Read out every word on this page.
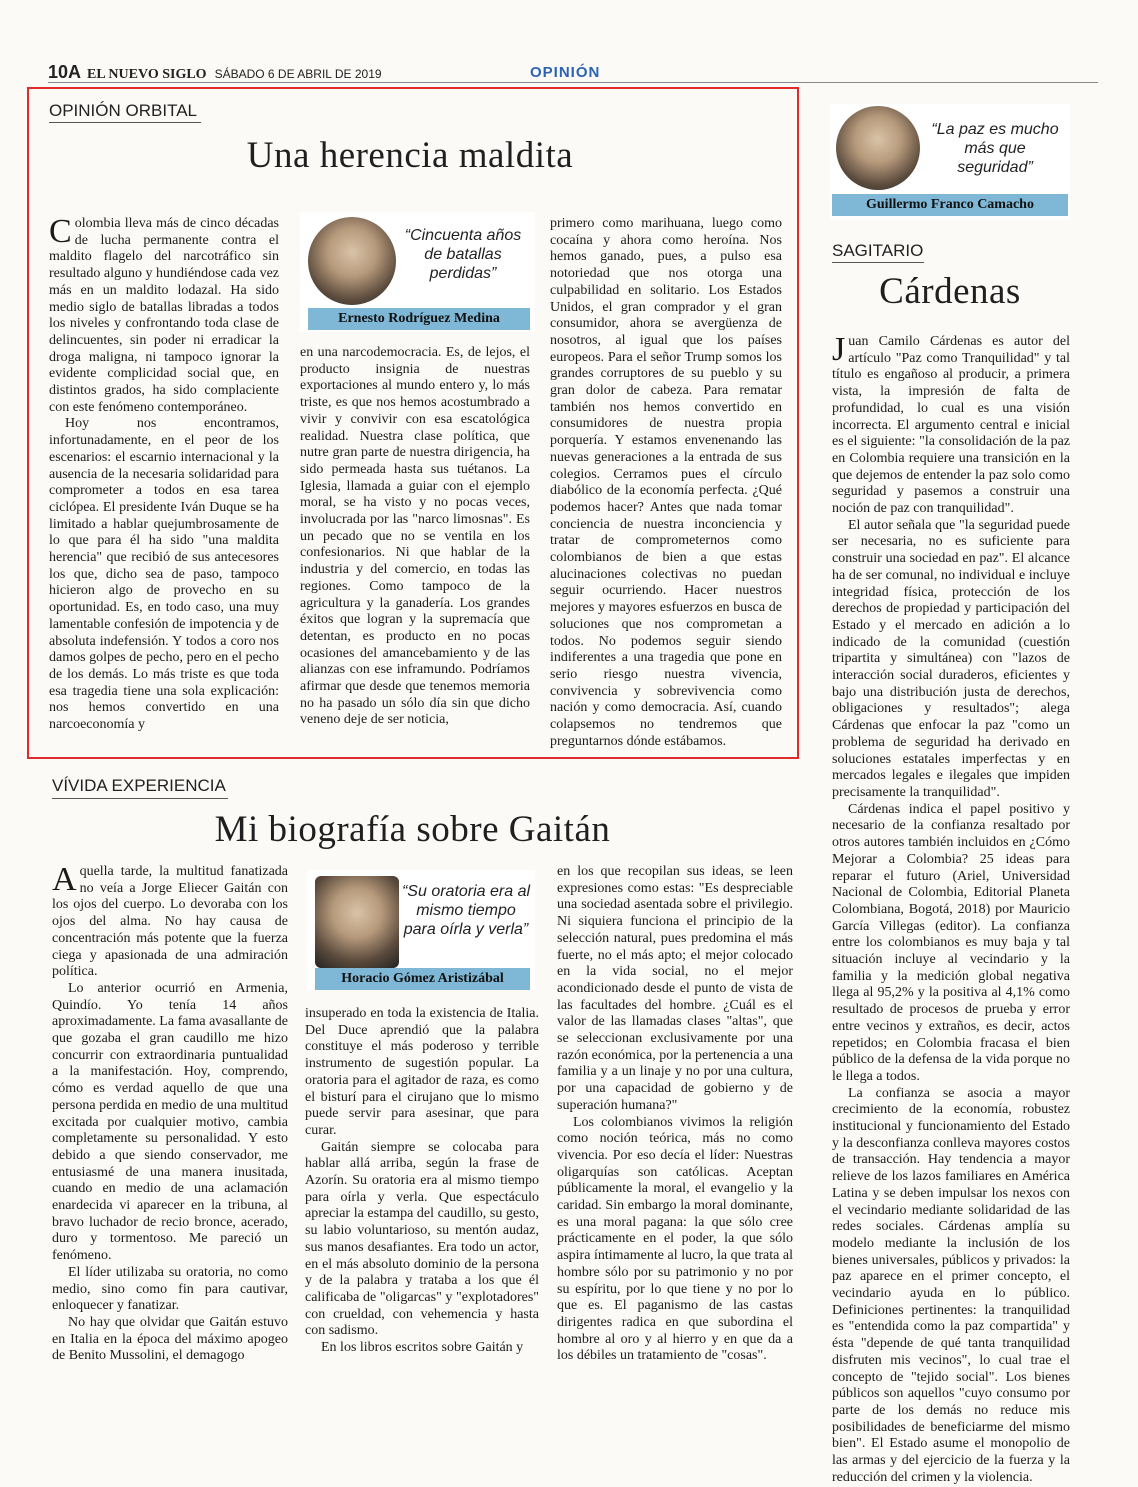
10A EL NUEVO SIGLO SÁBADO 6 DE ABRIL DE 2019	OPINIÓN
OPINIÓN ORBITAL
Una herencia maldita

Colombia lleva más de cinco décadas de lucha permanente contra el maldito flagelo del narcotráfico sin resultado alguno y hundiéndose cada vez más en un maldito lodazal. Ha sido medio siglo de batallas libradas a todos los niveles y confrontando toda clase de delincuentes, sin poder ni erradicar la droga maligna, ni tampoco ignorar la evidente complicidad social que, en distintos grados, ha sido complaciente con este fenómeno contemporáneo.

Hoy nos encontramos, infortunadamente, en el peor de los escenarios: el escarnio internacional y la ausencia de la necesaria solidaridad para comprometer a todos en esa tarea ciclópea. El presidente Iván Duque se ha limitado a hablar quejumbrosamente de lo que para él ha sido "una maldita herencia" que recibió de sus antecesores los que, dicho sea de paso, tampoco hicieron algo de provecho en su oportunidad. Es, en todo caso, una muy lamentable confesión de impotencia y de absoluta indefensión. Y todos a coro nos damos golpes de pecho, pero en el pecho de los demás. Lo más triste es que toda esa tragedia tiene una sola explicación: nos hemos convertido en una narcoeconomía y

“Cincuenta años de batallas perdidas”
Ernesto Rodríguez Medina

en una narcodemocracia. Es, de lejos, el producto insignia de nuestras exportaciones al mundo entero y, lo más triste, es que nos hemos acostumbrado a vivir y convivir con esa escatológica realidad. Nuestra clase política, que nutre gran parte de nuestra dirigencia, ha sido permeada hasta sus tuétanos. La Iglesia, llamada a guiar con el ejemplo moral, se ha visto y no pocas veces, involucrada por las "narco limosnas". Es un pecado que no se ventila en los confesionarios. Ni que hablar de la industria y del comercio, en todas las regiones. Como tampoco de la agricultura y la ganadería. Los grandes éxitos que logran y la supremacía que detentan, es producto en no pocas ocasiones del amancebamiento y de las alianzas con ese inframundo. Podríamos afirmar que desde que tenemos memoria no ha pasado un sólo día sin que dicho veneno deje de ser noticia,

primero como marihuana, luego como cocaína y ahora como heroína. Nos hemos ganado, pues, a pulso esa notoriedad que nos otorga una culpabilidad en solitario. Los Estados Unidos, el gran comprador y el gran consumidor, ahora se avergüenza de nosotros, al igual que los países europeos. Para el señor Trump somos los grandes corruptores de su pueblo y su gran dolor de cabeza. Para rematar también nos hemos convertido en consumidores de nuestra propia porquería. Y estamos envenenando las nuevas generaciones a la entrada de sus colegios. Cerramos pues el círculo diabólico de la economía perfecta. ¿Qué podemos hacer? Antes que nada tomar conciencia de nuestra inconciencia y tratar de comprometernos como colombianos de bien a que estas alucinaciones colectivas no puedan seguir ocurriendo. Hacer nuestros mejores y mayores esfuerzos en busca de soluciones que nos comprometan a todos. No podemos seguir siendo indiferentes a una tragedia que pone en serio riesgo nuestra vivencia, convivencia y sobrevivencia como nación y como democracia. Así, cuando colapsemos no tendremos que preguntarnos dónde estábamos.

VÍVIDA EXPERIENCIA
Mi biografía sobre Gaitán

Aquella tarde, la multitud fanatizada no veía a Jorge Eliecer Gaitán con los ojos del cuerpo. Lo devoraba con los ojos del alma. No hay causa de concentración más potente que la fuerza ciega y apasionada de una admiración política.

Lo anterior ocurrió en Armenia, Quindío. Yo tenía 14 años aproximadamente. La fama avasallante de que gozaba el gran caudillo me hizo concurrir con extraordinaria puntualidad a la manifestación. Hoy, comprendo, cómo es verdad aquello de que una persona perdida en medio de una multitud excitada por cualquier motivo, cambia completamente su personalidad. Y esto debido a que siendo conservador, me entusiasmé de una manera inusitada, cuando en medio de una aclamación enardecida vi aparecer en la tribuna, al bravo luchador de recio bronce, acerado, duro y tormentoso. Me pareció un fenómeno.

El líder utilizaba su oratoria, no como medio, sino como fin para cautivar, enloquecer y fanatizar.

No hay que olvidar que Gaitán estuvo en Italia en la época del máximo apogeo de Benito Mussolini, el demagogo

“Su oratoria era al mismo tiempo para oírla y verla”
Horacio Gómez Aristizábal

insuperado en toda la existencia de Italia. Del Duce aprendió que la palabra constituye el más poderoso y terrible instrumento de sugestión popular. La oratoria para el agitador de raza, es como el bisturí para el cirujano que lo mismo puede servir para asesinar, que para curar.

Gaitán siempre se colocaba para hablar allá arriba, según la frase de Azorín. Su oratoria era al mismo tiempo para oírla y verla. Que espectáculo apreciar la estampa del caudillo, su gesto, su labio voluntarioso, su mentón audaz, sus manos desafiantes. Era todo un actor, en el más absoluto dominio de la persona y de la palabra y trataba a los que él calificaba de "oligarcas" y "explotadores" con crueldad, con vehemencia y hasta con sadismo.

En los libros escritos sobre Gaitán y

en los que recopilan sus ideas, se leen expresiones como estas: "Es despreciable una sociedad asentada sobre el privilegio. Ni siquiera funciona el principio de la selección natural, pues predomina el más fuerte, no el más apto; el mejor colocado en la vida social, no el mejor acondicionado desde el punto de vista de las facultades del hombre. ¿Cuál es el valor de las llamadas clases "altas", que se seleccionan exclusivamente por una razón económica, por la pertenencia a una familia y a un linaje y no por una cultura, por una capacidad de gobierno y de superación humana?"

Los colombianos vivimos la religión como noción teórica, más no como vivencia. Por eso decía el líder: Nuestras oligarquías son católicas. Aceptan públicamente la moral, el evangelio y la caridad. Sin embargo la moral dominante, es una moral pagana: la que sólo cree prácticamente en el poder, la que sólo aspira íntimamente al lucro, la que trata al hombre sólo por su patrimonio y no por su espíritu, por lo que tiene y no por lo que es. El paganismo de las castas dirigentes radica en que subordina el hombre al oro y al hierro y en que da a los débiles un tratamiento de "cosas".

“La paz es mucho más que seguridad”
Guillermo Franco Camacho
SAGITARIO
Cárdenas

Juan Camilo Cárdenas es autor del artículo "Paz como Tranquilidad" y tal título es engañoso al producir, a primera vista, la impresión de falta de profundidad, lo cual es una visión incorrecta. El argumento central e inicial es el siguiente: "la consolidación de la paz en Colombia requiere una transición en la que dejemos de entender la paz solo como seguridad y pasemos a construir una noción de paz con tranquilidad".

El autor señala que "la seguridad puede ser necesaria, no es suficiente para construir una sociedad en paz". El alcance ha de ser comunal, no individual e incluye integridad física, protección de los derechos de propiedad y participación del Estado y el mercado en adición a lo indicado de la comunidad (cuestión tripartita y simultánea) con "lazos de interacción social duraderos, eficientes y bajo una distribución justa de derechos, obligaciones y resultados"; alega Cárdenas que enfocar la paz "como un problema de seguridad ha derivado en soluciones estatales imperfectas y en mercados legales e ilegales que impiden precisamente la tranquilidad".

Cárdenas indica el papel positivo y necesario de la confianza resaltado por otros autores también incluidos en ¿Cómo Mejorar a Colombia? 25 ideas para reparar el futuro (Ariel, Universidad Nacional de Colombia, Editorial Planeta Colombiana, Bogotá, 2018) por Mauricio García Villegas (editor). La confianza entre los colombianos es muy baja y tal situación incluye al vecindario y la familia y la medición global negativa llega al 95,2% y la positiva al 4,1% como resultado de procesos de prueba y error entre vecinos y extraños, es decir, actos repetidos; en Colombia fracasa el bien público de la defensa de la vida porque no le llega a todos.

La confianza se asocia a mayor crecimiento de la economía, robustez institucional y funcionamiento del Estado y la desconfianza conlleva mayores costos de transacción. Hay tendencia a mayor relieve de los lazos familiares en América Latina y se deben impulsar los nexos con el vecindario mediante solidaridad de las redes sociales. Cárdenas amplía su modelo mediante la inclusión de los bienes universales, públicos y privados: la paz aparece en el primer concepto, el vecindario ayuda en lo público. Definiciones pertinentes: la tranquilidad es "entendida como la paz compartida" y ésta "depende de qué tanta tranquilidad disfruten mis vecinos", lo cual trae el concepto de "tejido social". Los bienes públicos son aquellos "cuyo consumo por parte de los demás no reduce mis posibilidades de beneficiarme del mismo bien". El Estado asume el monopolio de las armas y del ejercicio de la fuerza y la reducción del crimen y la violencia.
